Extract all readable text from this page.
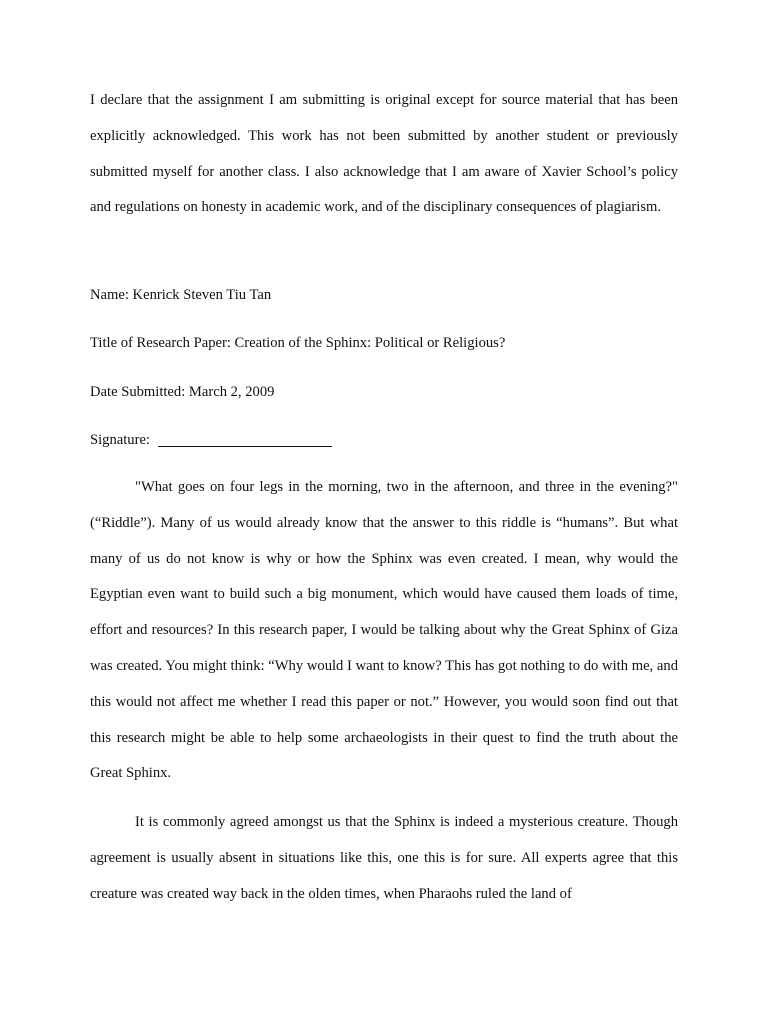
I declare that the assignment I am submitting is original except for source material that has been explicitly acknowledged. This work has not been submitted by another student or previously submitted myself for another class. I also acknowledge that I am aware of Xavier School’s policy and regulations on honesty in academic work, and of the disciplinary consequences of plagiarism.

Name: Kenrick Steven Tiu Tan
Title of Research Paper: Creation of the Sphinx: Political or Religious?
Date Submitted: March 2, 2009
Signature:

"What goes on four legs in the morning, two in the afternoon, and three in the evening?" (“Riddle”). Many of us would already know that the answer to this riddle is “humans”. But what many of us do not know is why or how the Sphinx was even created. I mean, why would the Egyptian even want to build such a big monument, which would have caused them loads of time, effort and resources? In this research paper, I would be talking about why the Great Sphinx of Giza was created. You might think: “Why would I want to know? This has got nothing to do with me, and this would not affect me whether I read this paper or not.” However, you would soon find out that this research might be able to help some archaeologists in their quest to find the truth about the Great Sphinx.

It is commonly agreed amongst us that the Sphinx is indeed a mysterious creature. Though agreement is usually absent in situations like this, one this is for sure. All experts agree that this creature was created way back in the olden times, when Pharaohs ruled the land of
